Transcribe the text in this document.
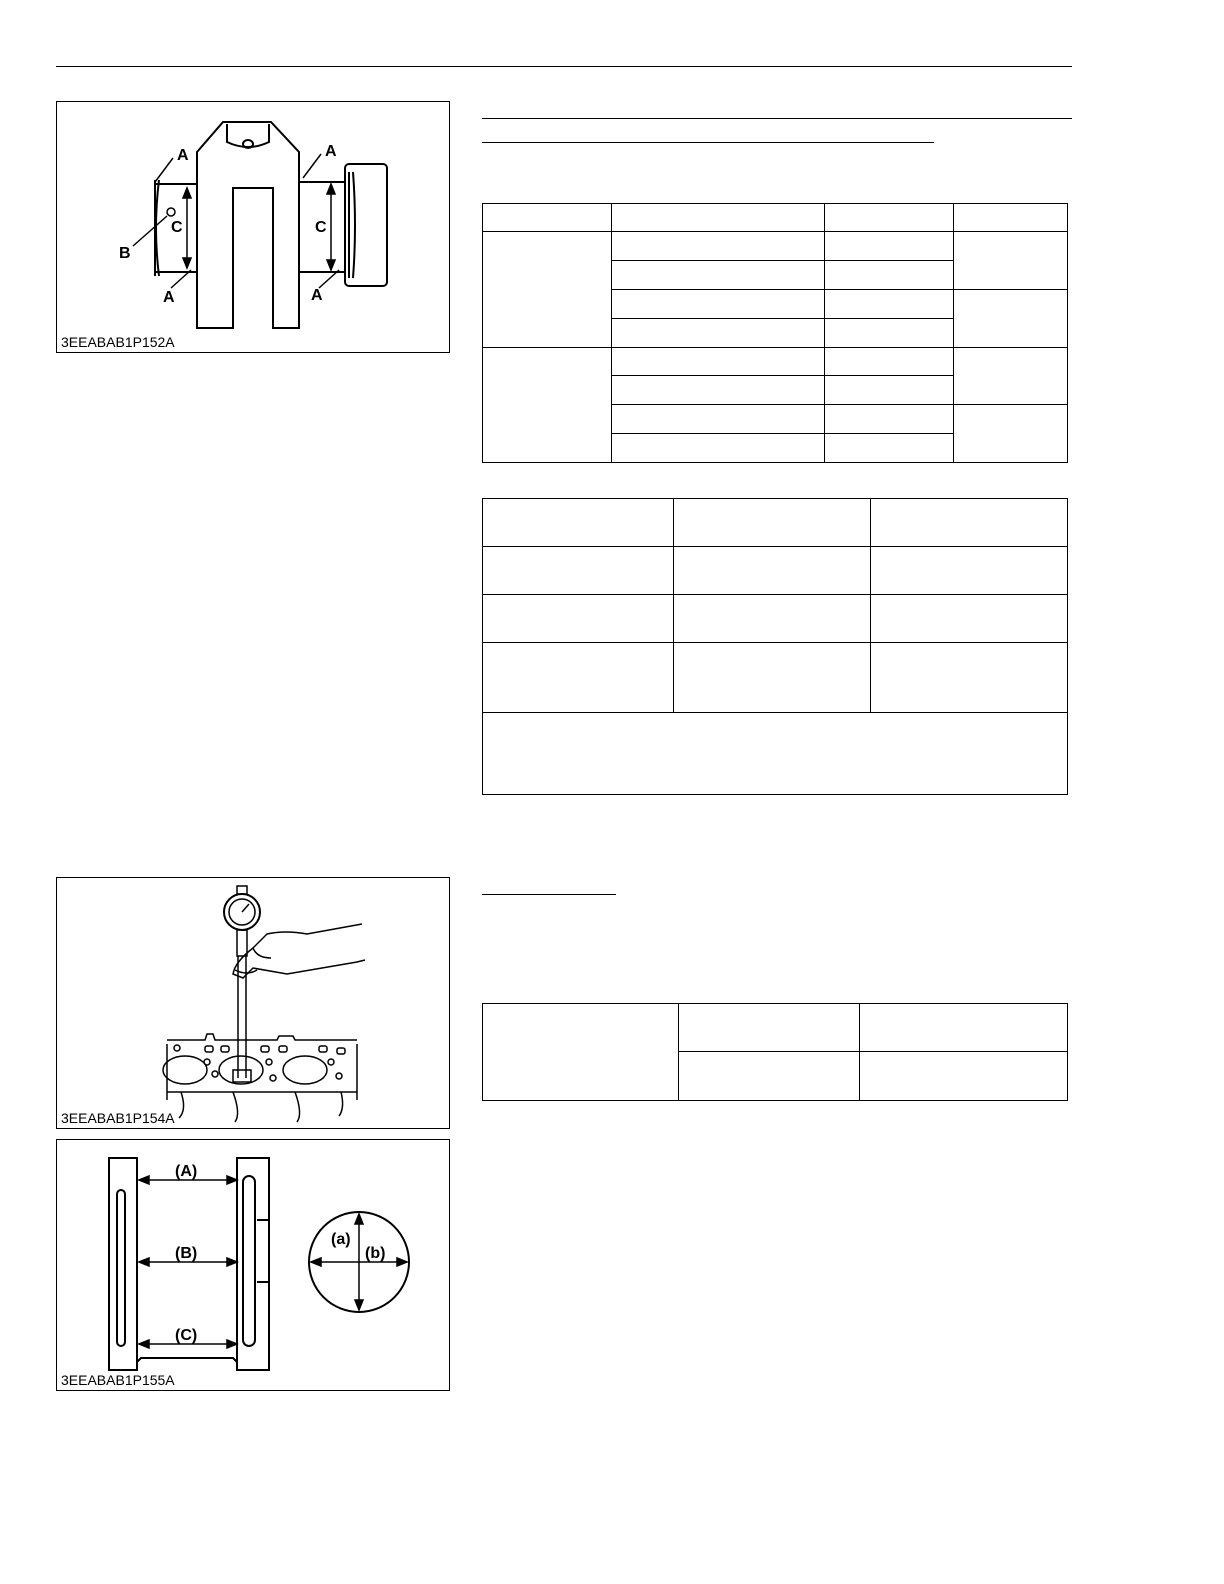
A	A
A	A
B
C	C
3EEABAB1P152A

3EEABAB1P154A

(A)
(B)
(C)
(a)
(b)
3EEABAB1P155A
